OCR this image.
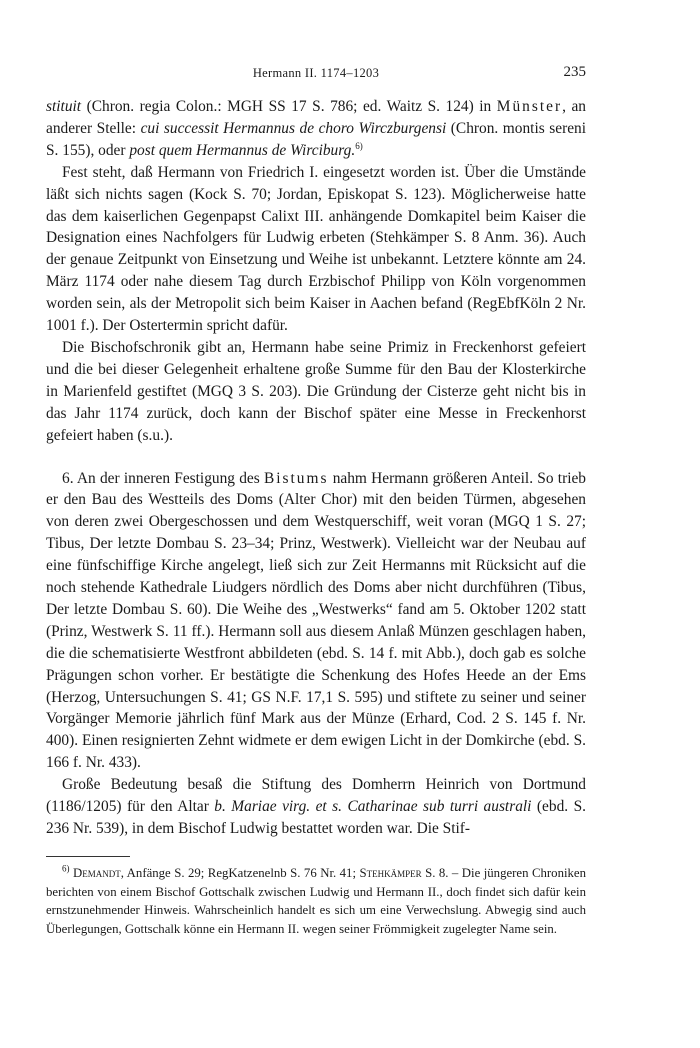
Hermann II. 1174–1203	235

stituit (Chron. regia Colon.: MGH SS 17 S. 786; ed. Waitz S. 124) in Münster, an anderer Stelle: cui successit Hermannus de choro Wirczburgensi (Chron. montis sereni S. 155), oder post quem Hermannus de Wirciburg.$^{6)}$

Fest steht, daß Hermann von Friedrich I. eingesetzt worden ist. Über die Umstände läßt sich nichts sagen (Kock S. 70; Jordan, Episkopat S. 123). Möglicherweise hatte das dem kaiserlichen Gegenpapst Calixt III. anhängende Domkapitel beim Kaiser die Designation eines Nachfolgers für Ludwig erbeten (Stehkämper S. 8 Anm. 36). Auch der genaue Zeitpunkt von Einsetzung und Weihe ist unbekannt. Letztere könnte am 24. März 1174 oder nahe diesem Tag durch Erzbischof Philipp von Köln vorgenommen worden sein, als der Metropolit sich beim Kaiser in Aachen befand (RegEbfKöln 2 Nr. 1001 f.). Der Ostertermin spricht dafür.

Die Bischofschronik gibt an, Hermann habe seine Primiz in Freckenhorst gefeiert und die bei dieser Gelegenheit erhaltene große Summe für den Bau der Klosterkirche in Marienfeld gestiftet (MGQ 3 S. 203). Die Gründung der Cisterze geht nicht bis in das Jahr 1174 zurück, doch kann der Bischof später eine Messe in Freckenhorst gefeiert haben (s.u.).

6. An der inneren Festigung des Bistums nahm Hermann größeren Anteil. So trieb er den Bau des Westteils des Doms (Alter Chor) mit den beiden Türmen, abgesehen von deren zwei Obergeschossen und dem Westquerschiff, weit voran (MGQ 1 S. 27; Tibus, Der letzte Dombau S. 23–34; Prinz, Westwerk). Vielleicht war der Neubau auf eine fünfschiffige Kirche angelegt, ließ sich zur Zeit Hermanns mit Rücksicht auf die noch stehende Kathedrale Liudgers nördlich des Doms aber nicht durchführen (Tibus, Der letzte Dombau S. 60). Die Weihe des „Westwerks“ fand am 5. Oktober 1202 statt (Prinz, Westwerk S. 11 ff.). Hermann soll aus diesem Anlaß Münzen geschlagen haben, die die schematisierte Westfront abbildeten (ebd. S. 14 f. mit Abb.), doch gab es solche Prägungen schon vorher. Er bestätigte die Schenkung des Hofes Heede an der Ems (Herzog, Untersuchungen S. 41; GS N.F. 17,1 S. 595) und stiftete zu seiner und seiner Vorgänger Memorie jährlich fünf Mark aus der Münze (Erhard, Cod. 2 S. 145 f. Nr. 400). Einen resignierten Zehnt widmete er dem ewigen Licht in der Domkirche (ebd. S. 166 f. Nr. 433).

Große Bedeutung besaß die Stiftung des Domherrn Heinrich von Dortmund (1186/1205) für den Altar b. Mariae virg. et s. Catharinae sub turri australi (ebd. S. 236 Nr. 539), in dem Bischof Ludwig bestattet worden war. Die Stif-

$^{6)}$ Demandt, Anfänge S. 29; RegKatzenelnb S. 76 Nr. 41; Stehkämper S. 8. – Die jüngeren Chroniken berichten von einem Bischof Gottschalk zwischen Ludwig und Hermann II., doch findet sich dafür kein ernstzunehmender Hinweis. Wahrscheinlich handelt es sich um eine Verwechslung. Abwegig sind auch Überlegungen, Gottschalk könne ein Hermann II. wegen seiner Frömmigkeit zugelegter Name sein.
